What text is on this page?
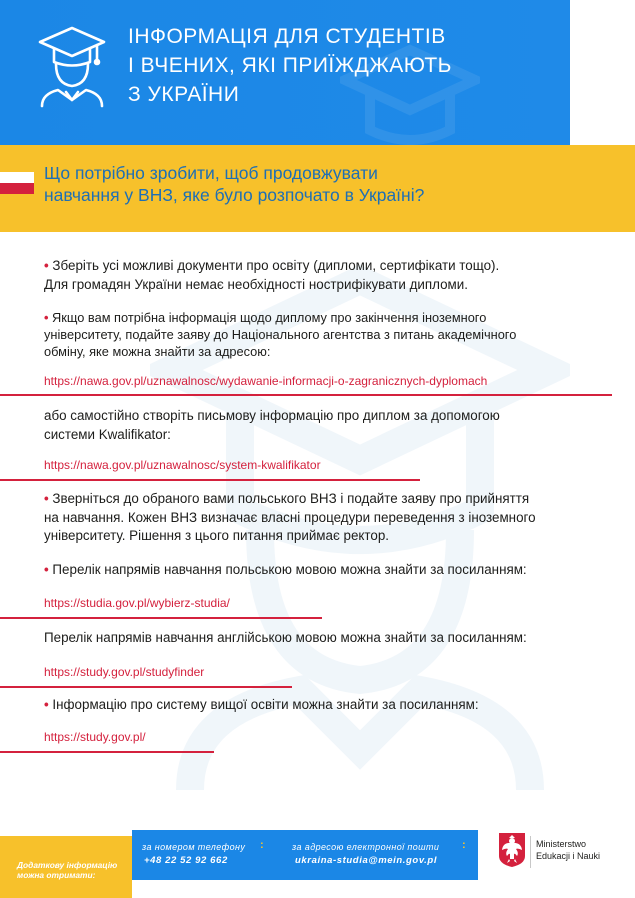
ІНФОРМАЦІЯ ДЛЯ СТУДЕНТІВ
І ВЧЕНИХ, ЯКІ ПРИЇЖДЖАЮТЬ
З УКРАЇНИ
Що потрібно зробити, щоб продовжувати
навчання у ВНЗ, яке було розпочато в Україні?
• Зберіть усі можливі документи про освіту (дипломи, сертифікати тощо).
Для громадян України немає необхідності нострифікувати дипломи.
• Якщо вам потрібна інформація щодо диплому про закінчення іноземного
університету, подайте заяву до Національного агентства з питань академічного
обміну, яке можна знайти за адресою:
https://nawa.gov.pl/uznawalnosc/wydawanie-informacji-o-zagranicznych-dyplomach
або самостійно створіть письмову інформацію про диплом за допомогою
системи Kwalifikator:
https://nawa.gov.pl/uznawalnosc/system-kwalifikator
• Зверніться до обраного вами польського ВНЗ і подайте заяву про прийняття
на навчання. Кожен ВНЗ визначає власні процедури переведення з іноземного
університету. Рішення з цього питання приймає ректор.
• Перелік напрямів навчання польською мовою можна знайти за посиланням:
https://studia.gov.pl/wybierz-studia/
Перелік напрямів навчання англійською мовою можна знайти за посиланням:
https://study.gov.pl/studyfinder
• Інформацію про систему вищої освіти можна знайти за посиланням:
https://study.gov.pl/
Додаткову інформацію
можна отримати:
за номером телефону :
+48 22 52 92 662
за адресою електронної пошти :
ukraina-studia@mein.gov.pl
Ministerstwo
Edukacji i Nauki
